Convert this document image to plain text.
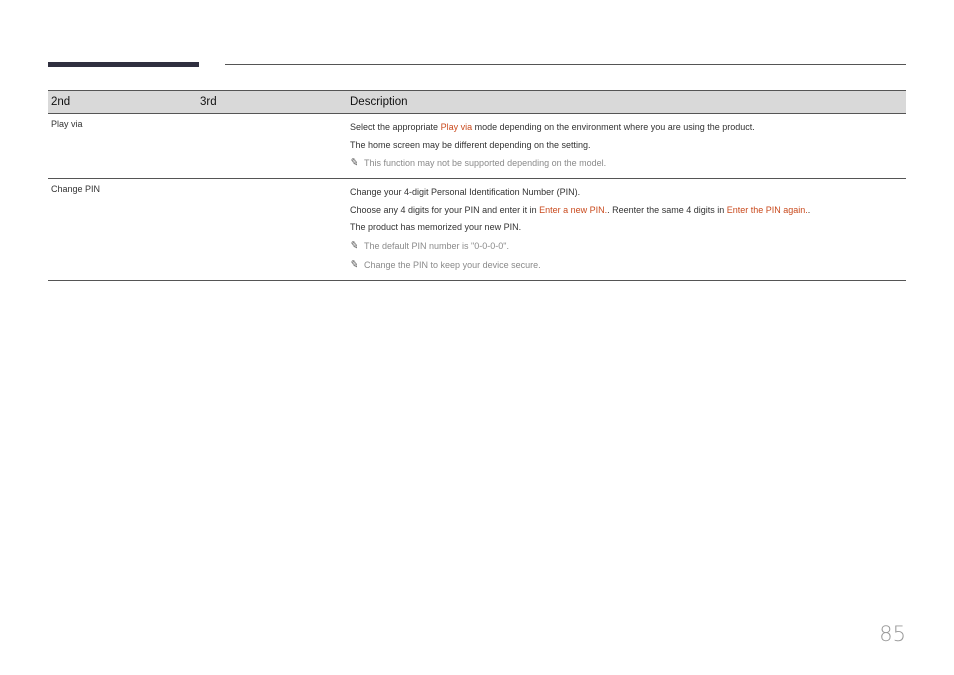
2nd	3rd	Description
Play via		Select the appropriate Play via mode depending on the environment where you are using the product.
The home screen may be different depending on the setting.
✎ This function may not be supported depending on the model.

Change PIN		Change your 4-digit Personal Identification Number (PIN).
Choose any 4 digits for your PIN and enter it in Enter a new PIN.. Reenter the same 4 digits in Enter the PIN again..
The product has memorized your new PIN.
✎ The default PIN number is "0-0-0-0".
✎ Change the PIN to keep your device secure.
85
